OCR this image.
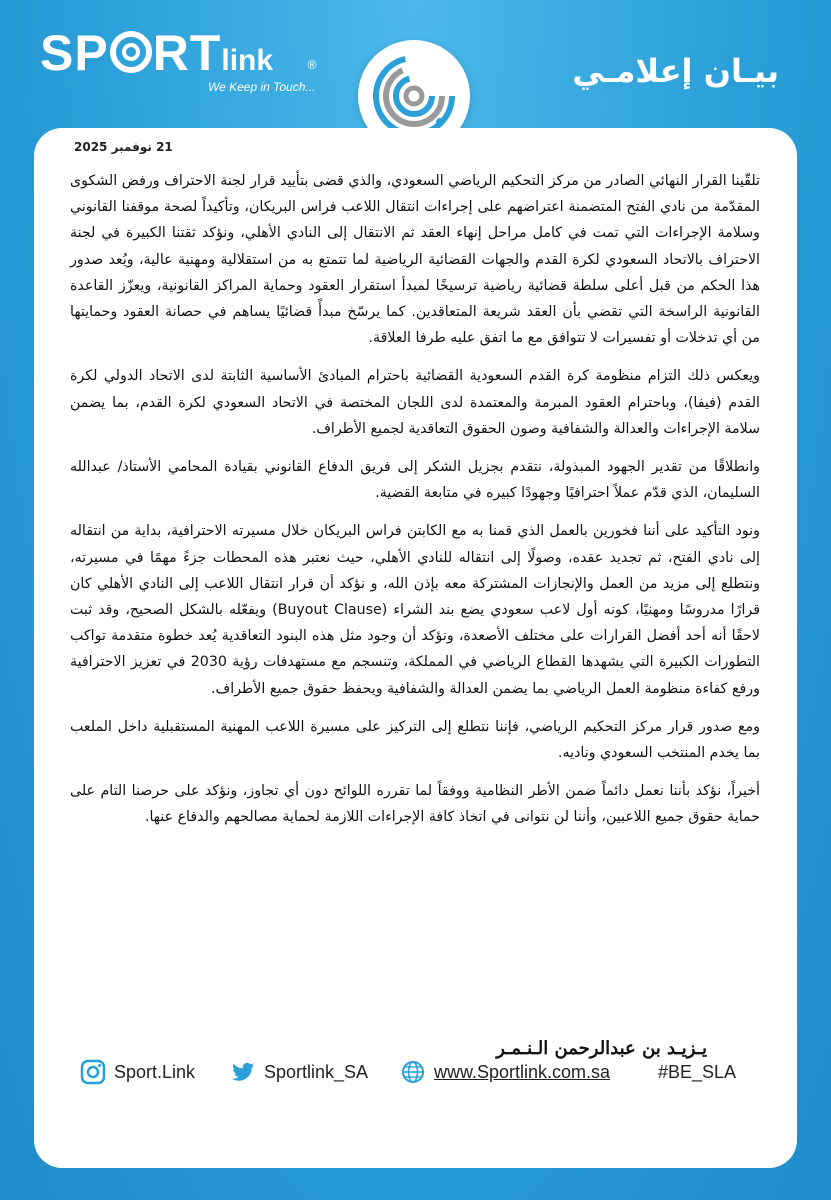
SP RTlink	®
We Keep in Touch...	بيـان إعلامـي
21 نوفمبر 2025

تلقّينا القرار النهائي الصادر من مركز التحكيم الرياضي السعودي، والذي قضى بتأييد قرار لجنة الاحتراف ورفض الشكوى المقدّمة من نادي الفتح المتضمنة اعتراضهم على إجراءات انتقال اللاعب فراس البريكان، وتأكيداً لصحة موقفنا القانوني وسلامة الإجراءات التي تمت في كامل مراحل إنهاء العقد ثم الانتقال إلى النادي الأهلي، ونؤكد ثقتنا الكبيرة في لجنة الاحتراف بالاتحاد السعودي لكرة القدم والجهات القضائية الرياضية لما تتمتع به من استقلالية ومهنية عالية، ويُعد صدور هذا الحكم من قبل أعلى سلطة قضائية رياضية ترسيخًا لمبدأ استقرار العقود وحماية المراكز القانونية، ويعزّز القاعدة القانونية الراسخة التي تقضي بأن العقد شريعة المتعاقدين. كما يرسّخ مبدأً قضائيًا يساهم في حصانة العقود وحمايتها من أي تدخلات أو تفسيرات لا تتوافق مع ما اتفق عليه طرفا العلاقة.

ويعكس ذلك التزام منظومة كرة القدم السعودية القضائية باحترام المبادئ الأساسية الثابتة لدى الاتحاد الدولي لكرة القدم (فيفا)، وباحترام العقود المبرمة والمعتمدة لدى اللجان المختصة في الاتحاد السعودي لكرة القدم، بما يضمن سلامة الإجراءات والعدالة والشفافية وصون الحقوق التعاقدية لجميع الأطراف.

وانطلاقًا من تقدير الجهود المبذولة، نتقدم بجزيل الشكر إلى فريق الدفاع القانوني بقيادة المحامي الأستاذ/ عبدالله السليمان، الذي قدّم عملاً احترافيًا وجهودًا كبيره في متابعة القضية.

ونود التأكيد على أننا فخورين بالعمل الذي قمنا به مع الكابتن فراس البريكان خلال مسيرته الاحترافية، بداية من انتقاله إلى نادي الفتح، ثم تجديد عقده، وصولًا إلى انتقاله للنادي الأهلي، حيث نعتبر هذه المحطات جزءً مهمًا في مسيرته، ونتطلع إلى مزيد من العمل والإنجازات المشتركة معه بإذن الله، و نؤكد أن قرار انتقال اللاعب إلى النادي الأهلي كان قرارًا مدروسًا ومهنيًا، كونه أول لاعب سعودي يضع بند الشراء (Buyout Clause) ويفعّله بالشكل الصحيح، وقد ثبت لاحقًا أنه أحد أفضل القرارات على مختلف الأصعدة، ونؤكد أن وجود مثل هذه البنود التعاقدية يُعد خطوة متقدمة تواكب التطورات الكبيرة التي يشهدها القطاع الرياضي في المملكة، وتنسجم مع مستهدفات رؤية 2030 في تعزيز الاحترافية ورفع كفاءة منظومة العمل الرياضي بما يضمن العدالة والشفافية ويحفظ حقوق جميع الأطراف.

ومع صدور قرار مركز التحكيم الرياضي، فإننا نتطلع إلى التركيز على مسيرة اللاعب المهنية المستقبلية داخل الملعب بما يخدم المنتخب السعودي وناديه.

أخيراً، نؤكد بأننا نعمل دائماً ضمن الأطر النظامية ووفقاً لما تقرره اللوائح دون أي تجاوز، ونؤكد على حرصنا التام على حماية حقوق جميع اللاعبين، وأننا لن نتوانى في اتخاذ كافة الإجراءات اللازمة لحماية مصالحهم والدفاع عنها.

يـزيـد بن عبدالرحمن الـنـمـر
Sport.Link	Sportlink_SA	www.Sportlink.com.sa	#BE_SLA
